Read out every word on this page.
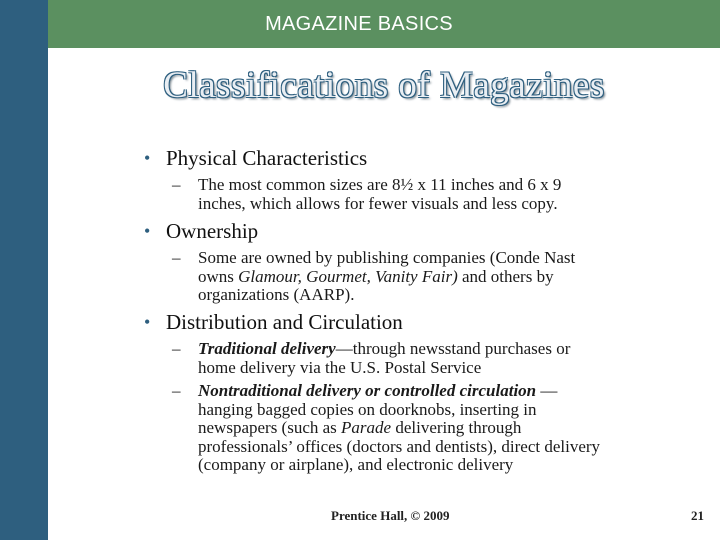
MAGAZINE BASICS
Classifications of Magazines
• Physical Characteristics
– The most common sizes are 8½ x 11 inches and 6 x 9
inches, which allows for fewer visuals and less copy.
• Ownership
– Some are owned by publishing companies (Conde Nast
owns Glamour, Gourmet, Vanity Fair) and others by
organizations (AARP).
• Distribution and Circulation
– Traditional delivery—through newsstand purchases or
home delivery via the U.S. Postal Service
– Nontraditional delivery or controlled circulation —
hanging bagged copies on doorknobs, inserting in
newspapers (such as Parade delivering through
professionals’ offices (doctors and dentists), direct delivery
(company or airplane), and electronic delivery
Prentice Hall, © 2009	21
